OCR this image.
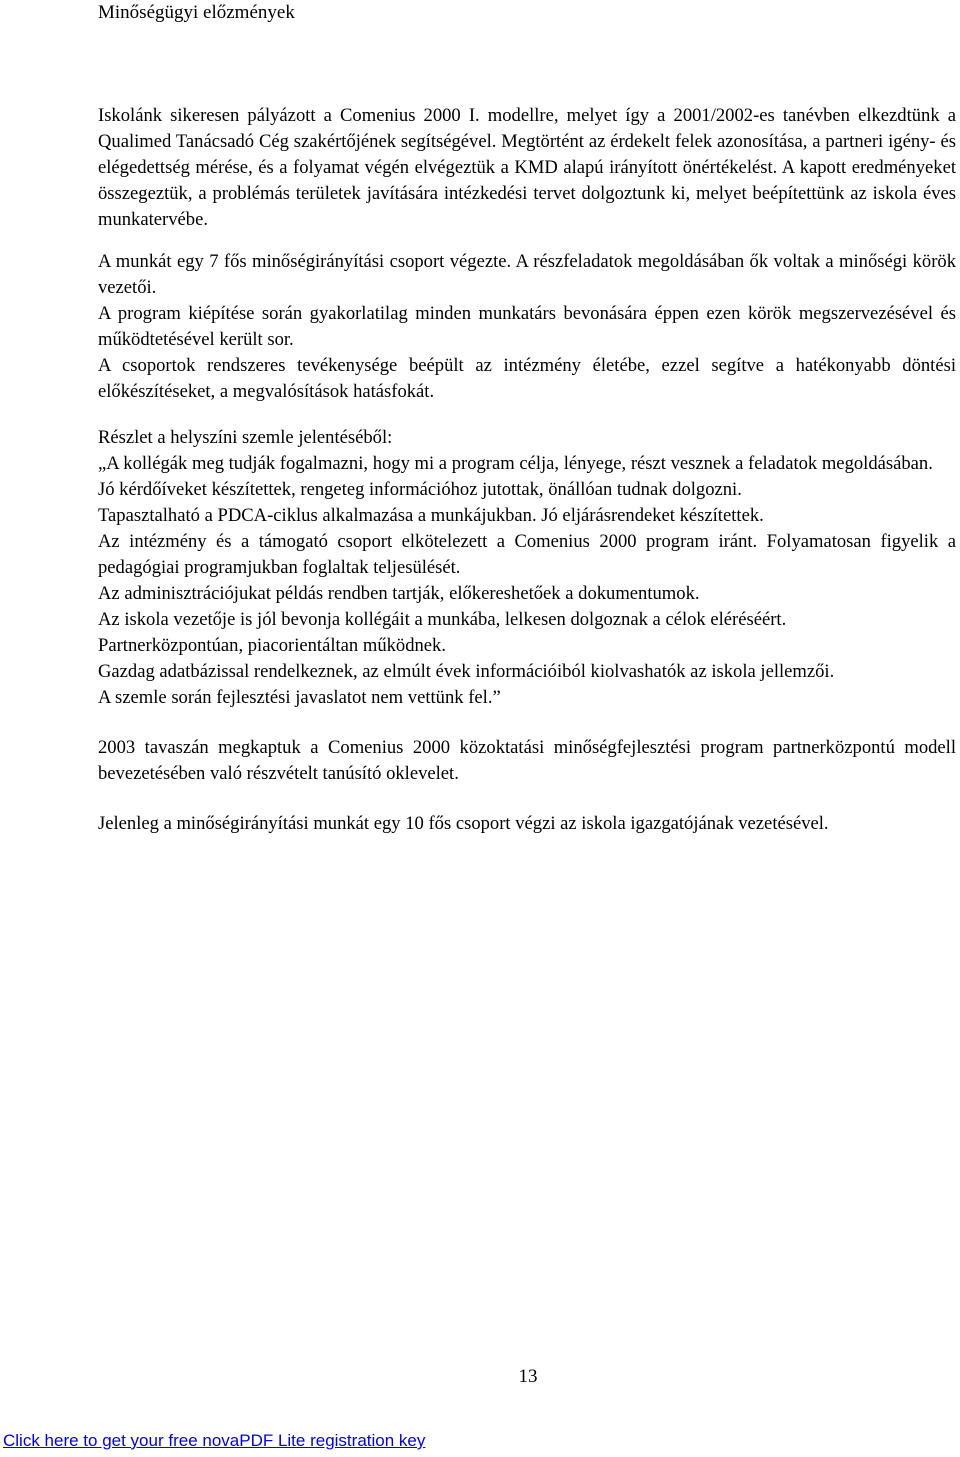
Minőségügyi előzmények

Iskolánk sikeresen pályázott a Comenius 2000 I. modellre, melyet így a 2001/2002-es tanévben elkezdtünk a Qualimed Tanácsadó Cég szakértőjének segítségével. Megtörtént az érdekelt felek azonosítása, a partneri igény- és elégedettség mérése, és a folyamat végén elvégeztük a KMD alapú irányított önértékelést. A kapott eredményeket összegeztük, a problémás területek javítására intézkedési tervet dolgoztunk ki, melyet beépítettünk az iskola éves munkatervébe.

A munkát egy 7 fős minőségirányítási csoport végezte. A részfeladatok megoldásában ők voltak a minőségi körök vezetői.

A program kiépítése során gyakorlatilag minden munkatárs bevonására éppen ezen körök megszervezésével és működtetésével került sor.

A csoportok rendszeres tevékenysége beépült az intézmény életébe, ezzel segítve a hatékonyabb döntési előkészítéseket, a megvalósítások hatásfokát.

Részlet a helyszíni szemle jelentéséből:

„A kollégák meg tudják fogalmazni, hogy mi a program célja, lényege, részt vesznek a feladatok megoldásában.

Jó kérdőíveket készítettek, rengeteg információhoz jutottak, önállóan tudnak dolgozni.

Tapasztalható a PDCA-ciklus alkalmazása a munkájukban. Jó eljárásrendeket készítettek.

Az intézmény és a támogató csoport elkötelezett a Comenius 2000 program iránt. Folyamatosan figyelik a pedagógiai programjukban foglaltak teljesülését.

Az adminisztrációjukat példás rendben tartják, előkereshetőek a dokumentumok.

Az iskola vezetője is jól bevonja kollégáit a munkába, lelkesen dolgoznak a célok eléréséért.

Partnerközpontúan, piacorientáltan működnek.

Gazdag adatbázissal rendelkeznek, az elmúlt évek információiból kiolvashatók az iskola jellemzői.

A szemle során fejlesztési javaslatot nem vettünk fel.”

2003 tavaszán megkaptuk a Comenius 2000 közoktatási minőségfejlesztési program partnerközpontú modell bevezetésében való részvételt tanúsító oklevelet.

Jelenleg a minőségirányítási munkát egy 10 fős csoport végzi az iskola igazgatójának vezetésével.

13
Click here to get your free novaPDF Lite registration key
